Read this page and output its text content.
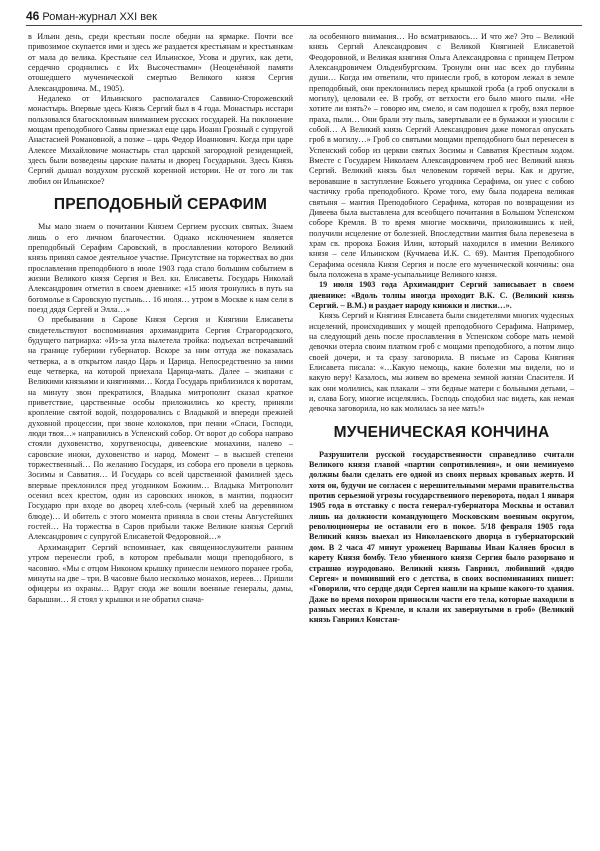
46 Роман-журнал XXI век

в Ильин день, среди крестьян после обедни на ярмарке. Почти все привозимое скупается ими и здесь же раздается крестьянам и крестьянкам от мала до велика. Крестьяне сел Ильинское, Усова и других, как дети, сердечно сроднились с Их Высочествами» (Неоценённой памяти отошедшего мученической смертью Великого князя Сергия Александровича. М., 1905).

Недалеко от Ильинского располагался Саввино-Сторожевский монастырь. Впервые здесь Князь Сергий был в 4 года. Монастырь исстари пользовался благосклонным вниманием русских государей. На поклонение мощам преподобного Саввы приезжал еще царь Иоанн Грозный с супругой Анастасией Романовной, а позже – царь Федор Иоаннович. Когда при царе Алексее Михайловиче монастырь стал царской загородной резиденцией, здесь были возведены царские палаты и дворец Государыни. Здесь Князь Сергий дышал воздухом русской коренной истории. Не от того ли так любил он Ильинское?

ПРЕПОДОБНЫЙ СЕРАФИМ

Мы мало знаем о почитании Князем Сергием русских святых. Знаем лишь о его личном благочестии. Однако исключением является преподобный Серафим Саровский, в прославлении которого Великий князь принял самое деятельное участие. Присутствие на торжествах во дни прославления преподобного в июле 1903 года стало большим событием в жизни Великого князя Сергия и Вел. кн. Елисаветы. Государь Николай Александрович отметил в своем дневнике: «15 июля тронулись в путь на богомолье в Саровскую пустынь… 16 июля… утром в Москве к нам сели в поезд дядя Сергей и Элла…»

О пребывании в Сарове Князя Сергия и Княгини Елисаветы свидетельствуют воспоминания архимандрита Сергия Страгородского, будущего патриарха: «Из-за угла вылетела тройка: подъехал встречавший на границе губернии губернатор. Вскоре за ним оттуда же показалась четверка, а в открытом ландо Царь и Царица. Непосредственно за ними еще четверка, на которой приехала Царица-мать. Далее – экипажи с Великими князьями и княгинями… Когда Государь приблизился к воротам, на минуту звон прекратился, Владыка митрополит сказал краткое приветствие, царственные особы приложились ко кресту, приняли кропление святой водой, поздоровались с Владыкой и впереди прежней духовной процессии, при звоне колоколов, при пении «Спаси, Господи, люди твоя…» направились в Успенский собор. От ворот до собора направо стояли духовенство, хоругвеносцы, дивеевские монахини, налево – саровские иноки, духовенство и народ. Момент – в высшей степени торжественный… По желанию Государя, из собора его провели в церковь Зосимы и Савватия… И Государь со всей царственной фамилией здесь впервые преклонился пред угодником Божиим… Владыка Митрополит осенил всех крестом, один из саровских иноков, в мантии, подносит Государю при входе во дворец хлеб-соль (черный хлеб на деревянном блюде)… И обитель с этого момента приняла в свои стены Августейших гостей… На торжества в Саров прибыли также Великие князья Сергий Александрович с супругой Елисаветой Федоровной…»

Архимандрит Сергий вспоминает, как священнослужители ранним утром перенесли гроб, в котором пребывали мощи преподобного, в часовню. «Мы с отцом Никоном крышку принесли немного поранее гроба, минуты на две – три. В часовне было несколько монахов, иереев… Пришли офицеры из охраны… Вдруг сюда же вошли военные генералы, дамы, барышни… Я стоял у крышки и не обратил снача-

ла особенного внимания… Но всматриваюсь… И что же? Это – Великий князь Сергий Александрович с Великой Княгиней Елисаветой Феодоровной, и Великая княгиня Ольга Александровна с принцем Петром Александровичем Ольденбургским. Тронули они нас всех до глубины души… Когда им ответили, что принесли гроб, в котором лежал в земле преподобный, они преклонились перед крышкой гроба (а гроб опускали в могилу), целовали ее. В гробу, от ветхости его было много пыли. «Не хотите ли взять?» – говорю им, смело, и сам подошел к гробу, взял первое праха, пыли… Они брали эту пыль, завертывали ее в бумажки и уносили с собой… А Великий князь Сергий Александрович даже помогал опускать гроб в могилу…» Гроб со святыми мощами преподобного был перенесен в Успенский собор из церкви святых Зосимы и Савватия Крестным ходом. Вместе с Государем Николаем Александровичем гроб нес Великий князь Сергий. Великий князь был человеком горячей веры. Как и другие, веровавшие в заступление Божьего угодника Серафима, он унес с собою частичку гроба преподобного. Кроме того, ему была подарена великая святыня – мантия Преподобного Серафима, которая по возвращении из Дивеева была выставлена для всеобщего почитания в Большом Успенском соборе Кремля. В то время многие москвичи, приложившись к ней, получили исцеление от болезней. Впоследствии мантия была перевезена в храм св. пророка Божия Илии, который находился в имении Великого князя – селе Ильинском (Кучмаева И.К. С. 69). Мантия Преподобного Серафима осеняла Князя Сергия и после его мученической кончины: она была положена в храме-усыпальнице Великого князя.

19 июля 1903 года Архимандрит Сергий записывает в своем дневнике: «Вдоль толпы иногда проходит В.К. С. (Великий князь Сергий. – В.М.) и раздает народу книжки и листки…».

Князь Сергий и Княгиня Елисавета были свидетелями многих чудесных исцелений, происходивших у мощей преподобного Серафима. Например, на следующий день после прославления в Успенском соборе мать немой девочки отерла своим платком гроб с мощами преподобного, а потом лицо своей дочери, и та сразу заговорила. В письме из Сарова Княгиня Елисавета писала: «…Какую немощь, какие болезни мы видели, но и какую веру! Казалось, мы живем во времена земной жизни Спасителя. И как они молились, как плакали – эти бедные матери с больными детьми, – и, слава Богу, многие исцелялись. Господь сподобил нас видеть, как немая девочка заговорила, но как молилась за нее мать!»

МУЧЕНИЧЕСКАЯ КОНЧИНА

Разрушители русской государственности справедливо считали Великого князя главой «партии сопротивления», и они неминуемо должны были сделать его одной из своих первых кровавых жертв. И хотя он, будучи не согласен с нерешительными мерами правительства против серьезной угрозы государственного переворота, подал 1 января 1905 года в отставку с поста генерал-губернатора Москвы и оставил лишь на должности командующего Московским военным округом, революционеры не оставили его в покое. 5/18 февраля 1905 года Великий князь выехал из Николаевского дворца в губернаторский дом. В 2 часа 47 минут уроженец Варшавы Иван Каляев бросил в карету Князя бомбу. Тело убиенного князя Сергия было разорвано и страшно изуродовано. Великий князь Гавриил, любивший «дядю Сергея» и помнивший его с детства, в своих воспоминаниях пишет: «Говорили, что сердце дяди Сергея нашли на крыше какого-то здания. Даже во время похорон приносили части его тела, которые находили в разных местах в Кремле, и клали их завернутыми в гроб» (Великий князь Гавриил Констан-
